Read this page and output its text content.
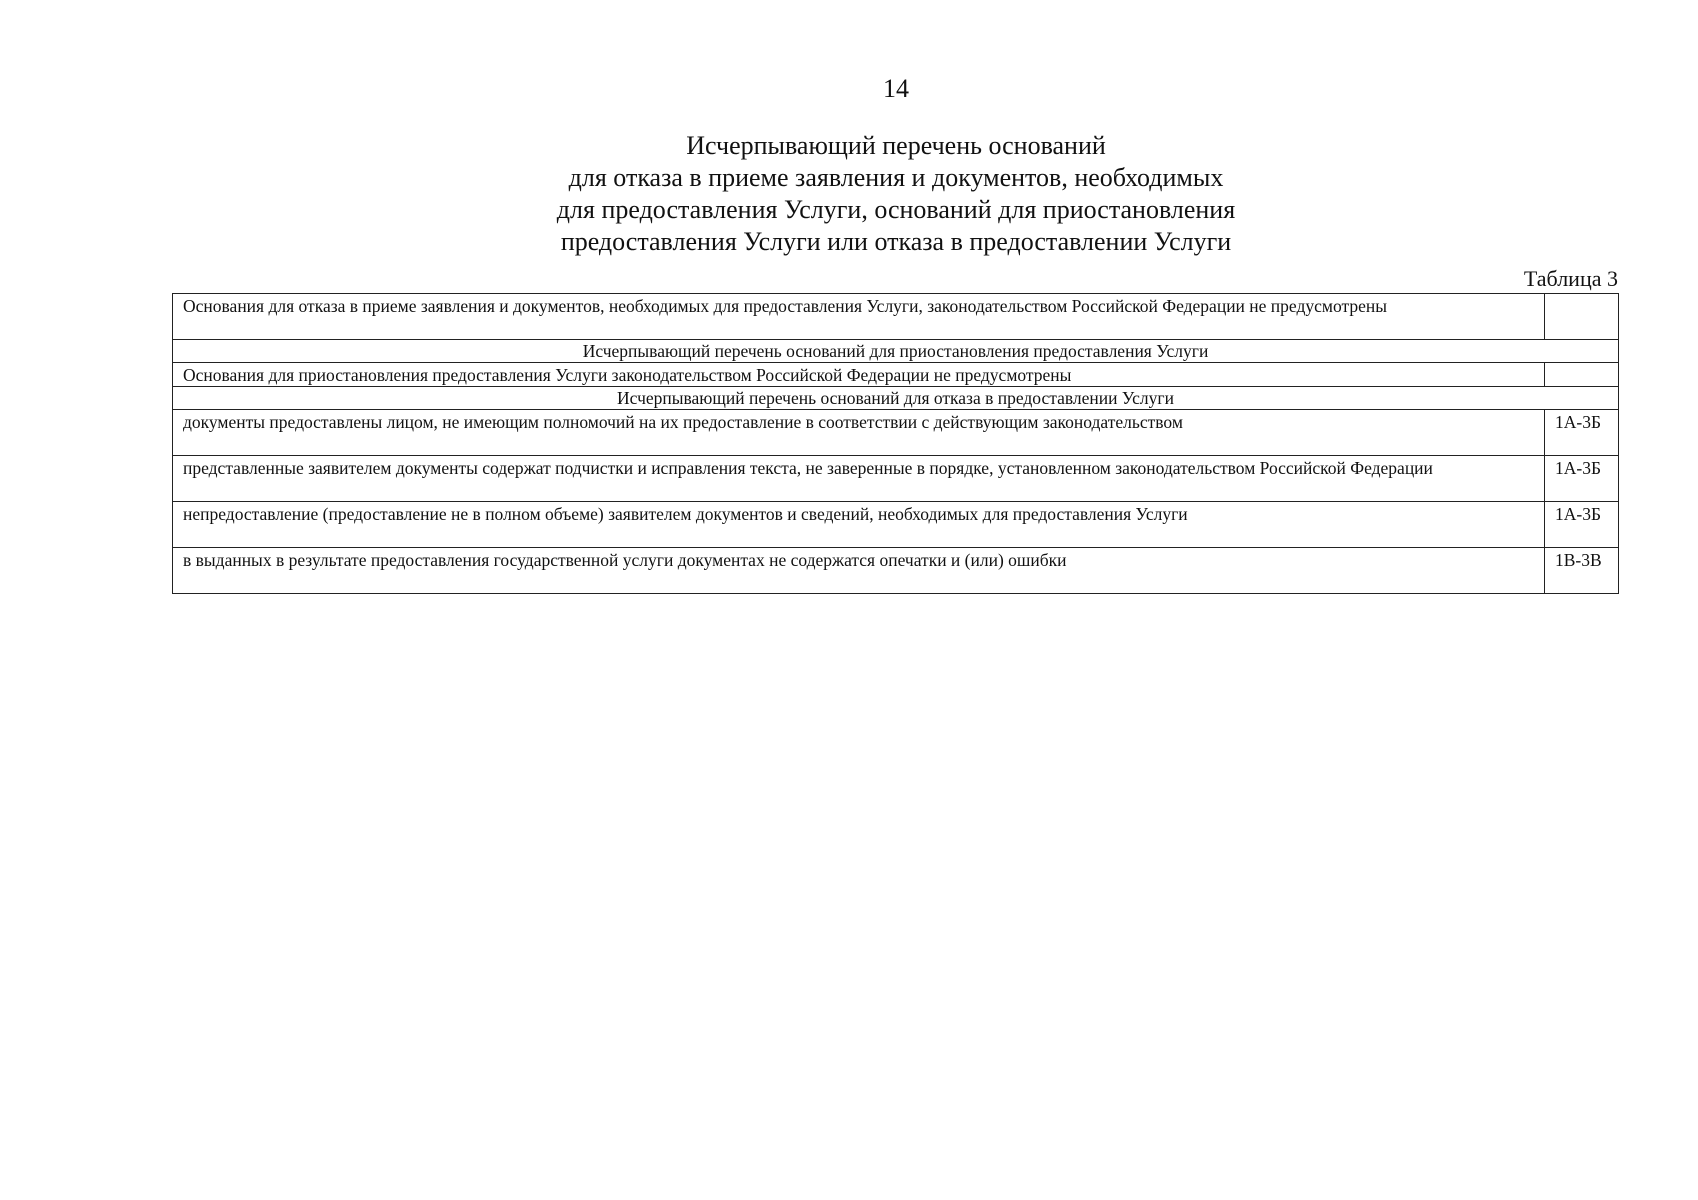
14
Исчерпывающий перечень оснований
для отказа в приеме заявления и документов, необходимых
для предоставления Услуги, оснований для приостановления
предоставления Услуги или отказа в предоставлении Услуги
Таблица 3
Основания для отказа в приеме заявления и документов, необходимых для предоставления Услуги, законодательством Российской Федерации не предусмотрены	
Исчерпывающий перечень оснований для приостановления предоставления Услуги	
Основания для приостановления предоставления Услуги законодательством Российской Федерации не предусмотрены	
Исчерпывающий перечень оснований для отказа в предоставлении Услуги	
документы предоставлены лицом, не имеющим полномочий на их предоставление в соответствии с действующим законодательством	1А-3Б
представленные заявителем документы содержат подчистки и исправления текста, не заверенные в порядке, установленном законодательством Российской Федерации	1А-3Б
непредоставление (предоставление не в полном объеме) заявителем документов и сведений, необходимых для предоставления Услуги	1А-3Б
в выданных в результате предоставления государственной услуги документах не содержатся опечатки и (или) ошибки	1В-3В
